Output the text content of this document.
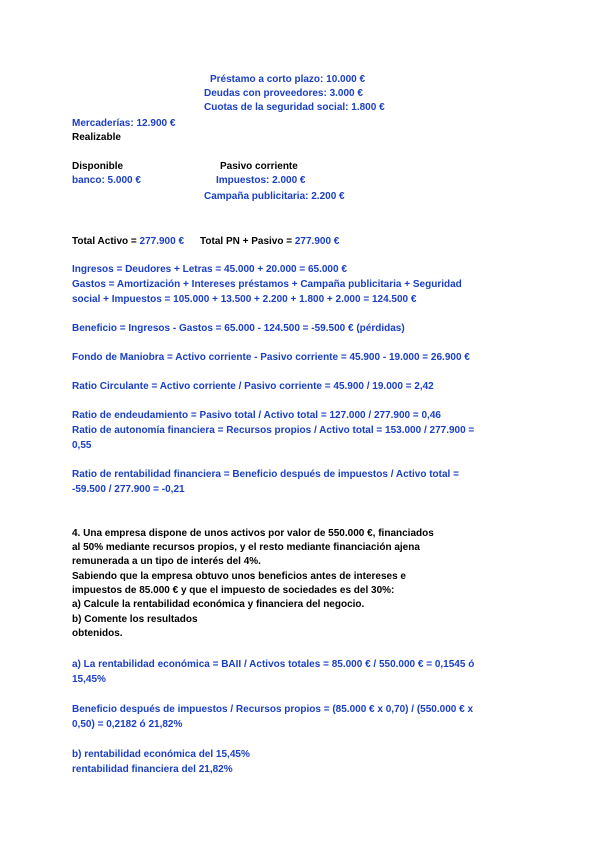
Préstamo a corto plazo: 10.000 €
Deudas con proveedores: 3.000 €
Cuotas de la seguridad social: 1.800 €
Mercaderías: 12.900 €
Realizable
Disponible	Pasivo corriente
banco: 5.000 €	Impuestos: 2.000 €
Campaña publicitaria: 2.200 €
Total Activo = 277.900 € Total PN + Pasivo = 277.900 €
Ingresos = Deudores + Letras = 45.000 + 20.000 = 65.000 €
Gastos = Amortización + Intereses préstamos + Campaña publicitaria + Seguridad
social + Impuestos = 105.000 + 13.500 + 2.200 + 1.800 + 2.000 = 124.500 €
Beneficio = Ingresos - Gastos = 65.000 - 124.500 = -59.500 € (pérdidas)
Fondo de Maniobra = Activo corriente - Pasivo corriente = 45.900 - 19.000 = 26.900 €
Ratio Circulante = Activo corriente / Pasivo corriente = 45.900 / 19.000 = 2,42
Ratio de endeudamiento = Pasivo total / Activo total = 127.000 / 277.900 = 0,46
Ratio de autonomía financiera = Recursos propios / Activo total = 153.000 / 277.900 =
0,55
Ratio de rentabilidad financiera = Beneficio después de impuestos / Activo total =
-59.500 / 277.900 = -0,21
4. Una empresa dispone de unos activos por valor de 550.000 €, financiados
al 50% mediante recursos propios, y el resto mediante financiación ajena
remunerada a un tipo de interés del 4%.
Sabiendo que la empresa obtuvo unos beneficios antes de intereses e
impuestos de 85.000 € y que el impuesto de sociedades es del 30%:
a) Calcule la rentabilidad económica y financiera del negocio.
b) Comente los resultados
obtenidos.
a) La rentabilidad económica = BAII / Activos totales = 85.000 € / 550.000 € = 0,1545 ó
15,45%
Beneficio después de impuestos / Recursos propios = (85.000 € x 0,70) / (550.000 € x
0,50) = 0,2182 ó 21,82%
b) rentabilidad económica del 15,45%
rentabilidad financiera del 21,82%
